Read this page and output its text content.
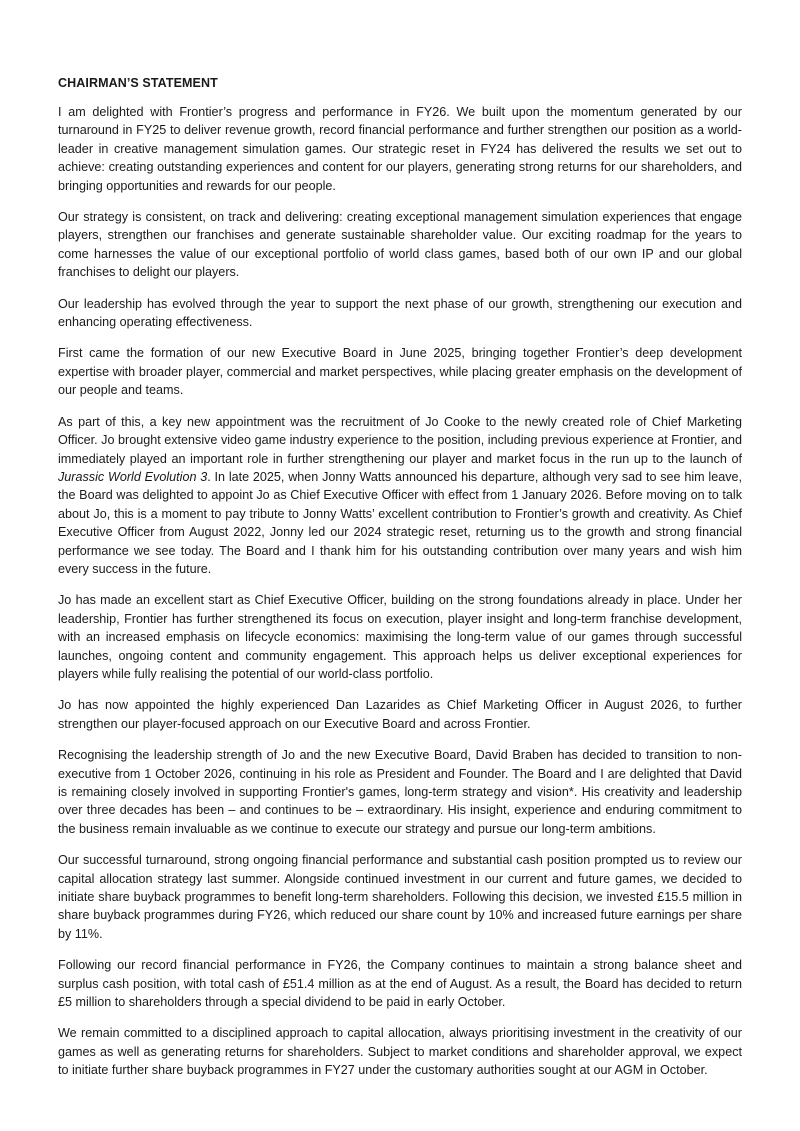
CHAIRMAN’S STATEMENT

I am delighted with Frontier’s progress and performance in FY26. We built upon the momentum generated by our turnaround in FY25 to deliver revenue growth, record financial performance and further strengthen our position as a world-leader in creative management simulation games. Our strategic reset in FY24 has delivered the results we set out to achieve: creating outstanding experiences and content for our players, generating strong returns for our shareholders, and bringing opportunities and rewards for our people.

Our strategy is consistent, on track and delivering: creating exceptional management simulation experiences that engage players, strengthen our franchises and generate sustainable shareholder value. Our exciting roadmap for the years to come harnesses the value of our exceptional portfolio of world class games, based both of our own IP and our global franchises to delight our players.

Our leadership has evolved through the year to support the next phase of our growth, strengthening our execution and enhancing operating effectiveness.

First came the formation of our new Executive Board in June 2025, bringing together Frontier’s deep development expertise with broader player, commercial and market perspectives, while placing greater emphasis on the development of our people and teams.

As part of this, a key new appointment was the recruitment of Jo Cooke to the newly created role of Chief Marketing Officer. Jo brought extensive video game industry experience to the position, including previous experience at Frontier, and immediately played an important role in further strengthening our player and market focus in the run up to the launch of Jurassic World Evolution 3. In late 2025, when Jonny Watts announced his departure, although very sad to see him leave, the Board was delighted to appoint Jo as Chief Executive Officer with effect from 1 January 2026. Before moving on to talk about Jo, this is a moment to pay tribute to Jonny Watts’ excellent contribution to Frontier’s growth and creativity. As Chief Executive Officer from August 2022, Jonny led our 2024 strategic reset, returning us to the growth and strong financial performance we see today. The Board and I thank him for his outstanding contribution over many years and wish him every success in the future.

Jo has made an excellent start as Chief Executive Officer, building on the strong foundations already in place. Under her leadership, Frontier has further strengthened its focus on execution, player insight and long-term franchise development, with an increased emphasis on lifecycle economics: maximising the long-term value of our games through successful launches, ongoing content and community engagement. This approach helps us deliver exceptional experiences for players while fully realising the potential of our world-class portfolio.

Jo has now appointed the highly experienced Dan Lazarides as Chief Marketing Officer in August 2026, to further strengthen our player-focused approach on our Executive Board and across Frontier.

Recognising the leadership strength of Jo and the new Executive Board, David Braben has decided to transition to non-executive from 1 October 2026, continuing in his role as President and Founder. The Board and I are delighted that David is remaining closely involved in supporting Frontier's games, long-term strategy and vision*. His creativity and leadership over three decades has been – and continues to be – extraordinary. His insight, experience and enduring commitment to the business remain invaluable as we continue to execute our strategy and pursue our long-term ambitions.

Our successful turnaround, strong ongoing financial performance and substantial cash position prompted us to review our capital allocation strategy last summer. Alongside continued investment in our current and future games, we decided to initiate share buyback programmes to benefit long-term shareholders. Following this decision, we invested £15.5 million in share buyback programmes during FY26, which reduced our share count by 10% and increased future earnings per share by 11%.

Following our record financial performance in FY26, the Company continues to maintain a strong balance sheet and surplus cash position, with total cash of £51.4 million as at the end of August. As a result, the Board has decided to return £5 million to shareholders through a special dividend to be paid in early October.

We remain committed to a disciplined approach to capital allocation, always prioritising investment in the creativity of our games as well as generating returns for shareholders. Subject to market conditions and shareholder approval, we expect to initiate further share buyback programmes in FY27 under the customary authorities sought at our AGM in October.
